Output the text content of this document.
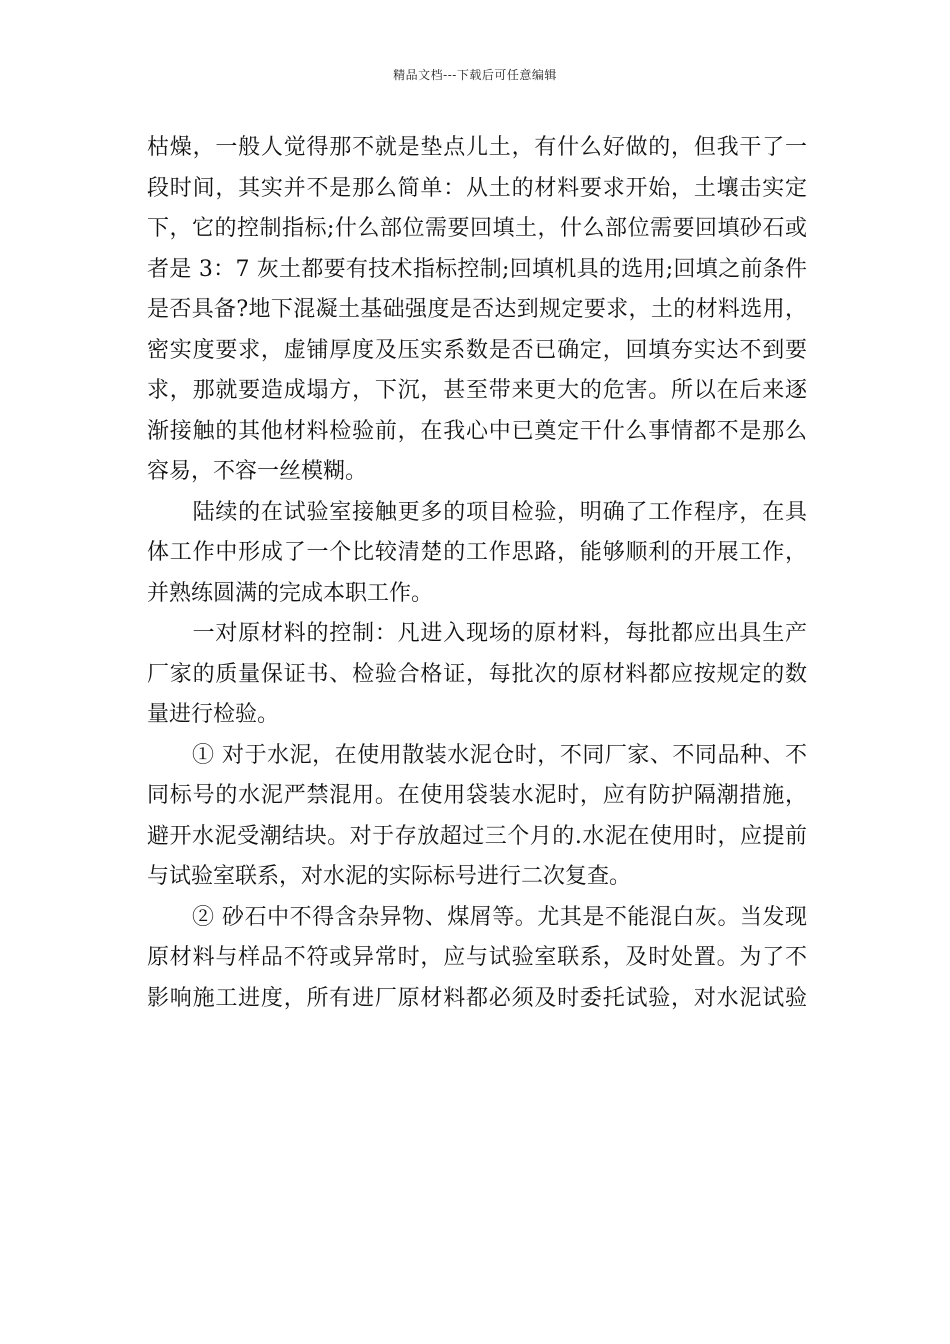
精品文档---下载后可任意编辑
枯燥，一般人觉得那不就是垫点儿土，有什么好做的，但我干了一
段时间，其实并不是那么简单：从土的材料要求开始，土壤击实定
下，它的控制指标;什么部位需要回填土，什么部位需要回填砂石或
者是 3：7 灰土都要有技术指标控制;回填机具的选用;回填之前条件
是否具备?地下混凝土基础强度是否达到规定要求，土的材料选用，
密实度要求，虚铺厚度及压实系数是否已确定，回填夯实达不到要
求，那就要造成塌方，下沉，甚至带来更大的危害。所以在后来逐
渐接触的其他材料检验前，在我心中已奠定干什么事情都不是那么
容易，不容一丝模糊。
　　陆续的在试验室接触更多的项目检验，明确了工作程序，在具
体工作中形成了一个比较清楚的工作思路，能够顺利的开展工作，
并熟练圆满的完成本职工作。
　　一对原材料的控制：凡进入现场的原材料，每批都应出具生产
厂家的质量保证书、检验合格证，每批次的原材料都应按规定的数
量进行检验。
　　① 对于水泥，在使用散装水泥仓时，不同厂家、不同品种、不
同标号的水泥严禁混用。在使用袋装水泥时，应有防护隔潮措施，
避开水泥受潮结块。对于存放超过三个月的.水泥在使用时，应提前
与试验室联系，对水泥的实际标号进行二次复查。
　　② 砂石中不得含杂异物、煤屑等。尤其是不能混白灰。当发现
原材料与样品不符或异常时，应与试验室联系，及时处置。为了不
影响施工进度，所有进厂原材料都必须及时委托试验，对水泥试验
